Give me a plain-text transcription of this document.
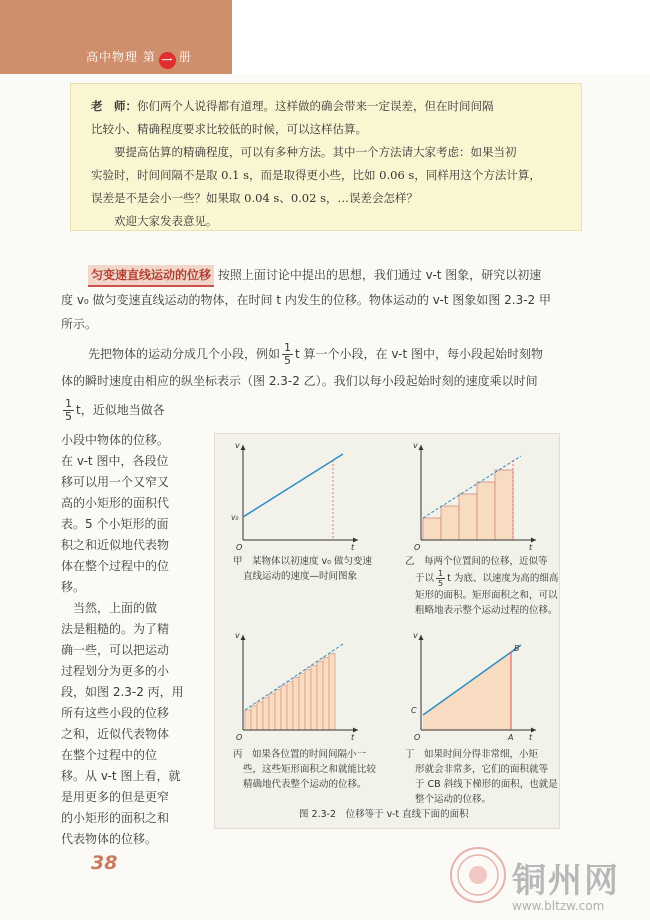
高中物理 第 一 册

老　师：你们两个人说得都有道理。这样做的确会带来一定误差，但在时间间隔

比较小、精确程度要求比较低的时候，可以这样估算。

要提高估算的精确程度，可以有多种方法。其中一个方法请大家考虑：如果当初

实验时，时间间隔不是取 0.1 s，而是取得更小些，比如 0.06 s，同样用这个方法计算，

误差是不是会小一些？如果取 0.04 s、0.02 s，…误差会怎样？

欢迎大家发表意见。

匀变速直线运动的位移 按照上面讨论中提出的思想，我们通过 v-t 图象，研究以初速
度 v₀ 做匀变速直线运动的物体，在时间 t 内发生的位移。物体运动的 v-t 图象如图 2.3-2 甲
所示。
先把物体的运动分成几个小段，例如 $\frac{1}{5}$ t 算一个小段，在 v-t 图中，每小段起始时刻物
体的瞬时速度由相应的纵坐标表示（图 2.3-2 乙）。我们以每小段起始时刻的速度乘以时间
$\frac{1}{5}$ t，近似地当做各
小段中物体的位移。
在 v-t 图中，各段位
移可以用一个又窄又
高的小矩形的面积代
表。5 个小矩形的面
积之和近似地代表物
体在整个过程中的位
移。
　当然，上面的做
法是粗糙的。为了精
确一些，可以把运动
过程划分为更多的小
段，如图 2.3-2 丙，用
所有这些小段的位移
之和，近似代表物体
在整个过程中的位
移。从 v-t 图上看，就
是用更多的但是更窄
的小矩形的面积之和
代表物体的位移。
v
t
O
v₀
甲　某物体以初速度 v₀ 做匀变速
直线运动的速度—时间图象
v
t
O
乙　每两个位置间的位移，近似等
于以 $\frac{1}{5}$ t 为底、以速度为高的细高
矩形的面积。矩形面积之和，可以
粗略地表示整个运动过程的位移。
v
t
O
丙　如果各位置的时间间隔小一
些，这些矩形面积之和就能比较
精确地代表整个运动的位移。
v
t
O	A
B
C
丁　如果时间分得非常细，小矩
形就会非常多，它们的面积就等
于 CB 斜线下梯形的面积，也就是
整个运动的位移。
图 2.3-2　位移等于 v-t 直线下面的面积
38	铜州网
www.bltzw.com
